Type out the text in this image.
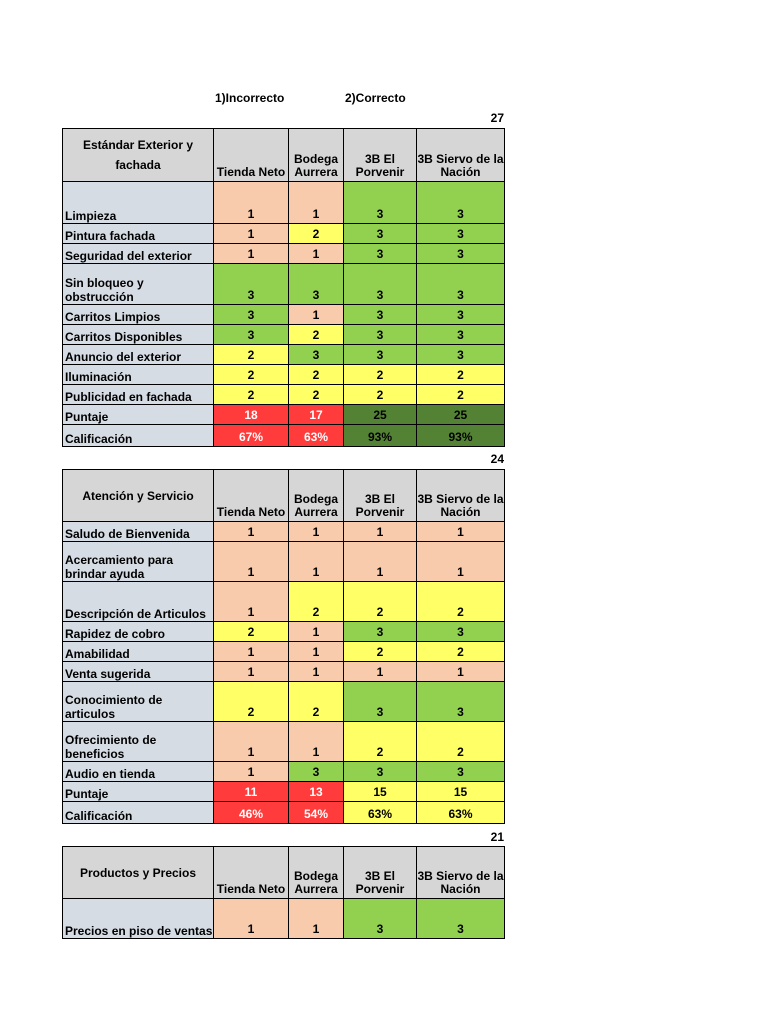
1)Incorrecto	2)Correcto
27
Estándar Exterior y fachada	Tienda Neto	Bodega Aurrera	3B El Porvenir	3B Siervo de la Nación
Limpieza	1	1	3	3
Pintura fachada	1	2	3	3
Seguridad del exterior	1	1	3	3
Sin bloqueo y obstrucción	3	3	3	3
Carritos Limpios	3	1	3	3
Carritos Disponibles	3	2	3	3
Anuncio del exterior	2	3	3	3
Iluminación	2	2	2	2
Publicidad en fachada	2	2	2	2
Puntaje	18	17	25	25
Calificación	67%	63%	93%	93%
24
Atención y Servicio	Tienda Neto	Bodega Aurrera	3B El Porvenir	3B Siervo de la Nación
Saludo de Bienvenida	1	1	1	1
Acercamiento para brindar ayuda	1	1	1	1
Descripción de Articulos	1	2	2	2
Rapidez de cobro	2	1	3	3
Amabilidad	1	1	2	2
Venta sugerida	1	1	1	1
Conocimiento de articulos	2	2	3	3
Ofrecimiento de beneficios	1	1	2	2
Audio en tienda	1	3	3	3
Puntaje	11	13	15	15
Calificación	46%	54%	63%	63%
21
Productos y Precios	Tienda Neto	Bodega Aurrera	3B El Porvenir	3B Siervo de la Nación
Precios en piso de ventas	1	1	3	3
